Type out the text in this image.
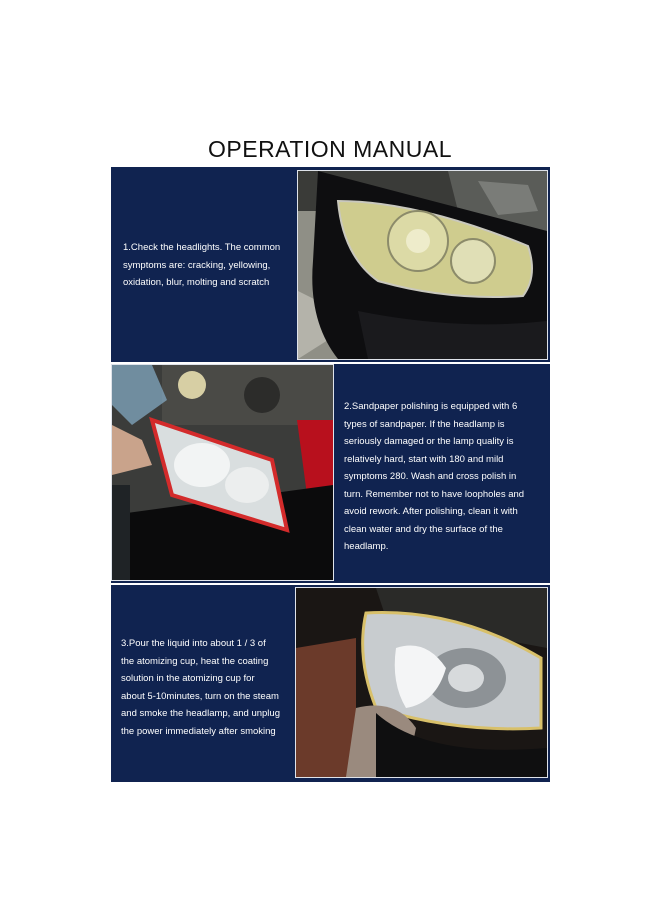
OPERATION MANUAL
1.Check the headlights. The common
symptoms are: cracking, yellowing,
oxidation, blur, molting and scratch
2.Sandpaper polishing is equipped with 6
types of sandpaper. If the headlamp is
seriously damaged or the lamp quality is
relatively hard, start with 180 and mild
symptoms 280. Wash and cross polish in
turn. Remember not to have loopholes and
avoid rework. After polishing, clean it with
clean water and dry the surface of the
headlamp.
3.Pour the liquid into about 1 / 3 of
the atomizing cup, heat the coating
solution in the atomizing cup for
about 5-10minutes, turn on the steam
and smoke the headlamp, and unplug
the power immediately after smoking
